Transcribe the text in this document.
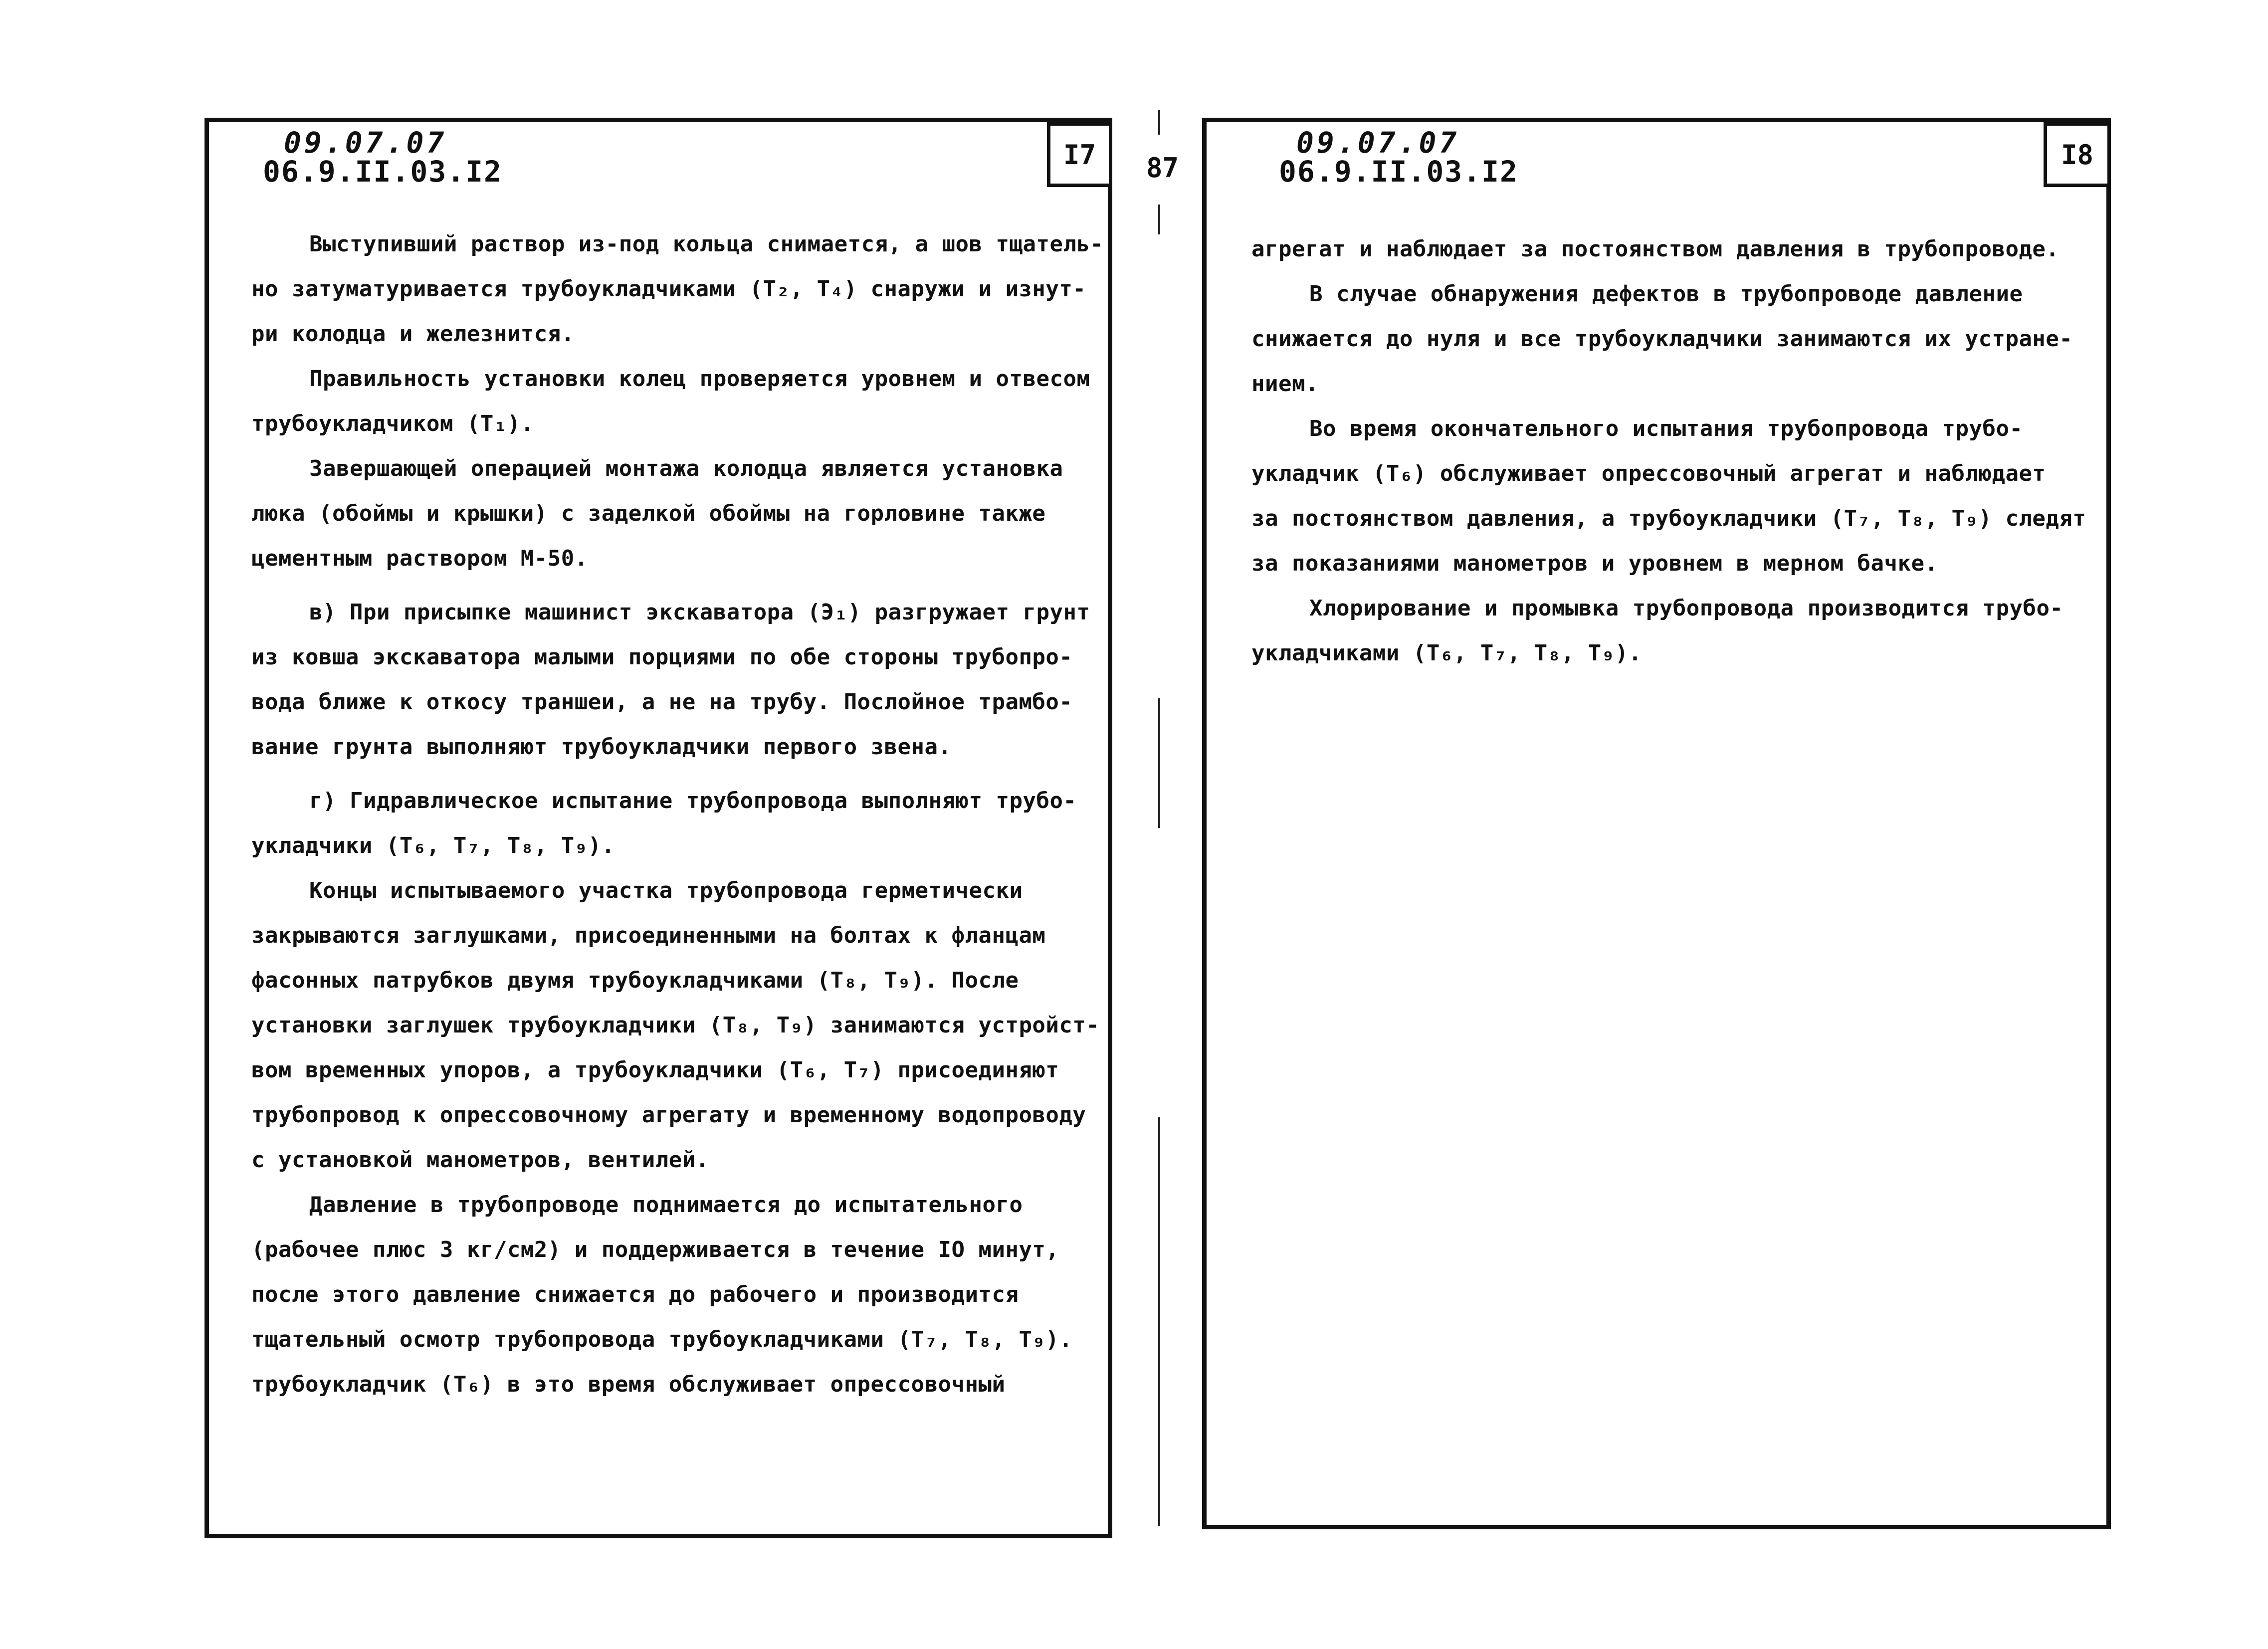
09.07.07
06.9.II.03.I2	I7
Выступивший раствор из-под кольца снимается, а шов тщатель-
но затуматуривается трубоукладчиками (Т₂, Т₄) снаружи и изнут-
ри колодца и железнится.
Правильность установки колец проверяется уровнем и отвесом
трубоукладчиком (Т₁).
Завершающей операцией монтажа колодца является установка
люка (обоймы и крышки) с заделкой обоймы на горловине также
цементным раствором М-50.
в) При присыпке машинист экскаватора (Э₁) разгружает грунт
из ковша экскаватора малыми порциями по обе стороны трубопро-
вода ближе к откосу траншеи, а не на трубу. Послойное трамбо-
вание грунта выполняют трубоукладчики первого звена.
г) Гидравлическое испытание трубопровода выполняют трубо-
укладчики (Т₆, Т₇, Т₈, Т₉).
Концы испытываемого участка трубопровода герметически
закрываются заглушками, присоединенными на болтах к фланцам
фасонных патрубков двумя трубоукладчиками (Т₈, Т₉). После
установки заглушек трубоукладчики (Т₈, Т₉) занимаются устройст-
вом временных упоров, а трубоукладчики (Т₆, Т₇) присоединяют
трубопровод к опрессовочному агрегату и временному водопроводу
с установкой манометров, вентилей.
Давление в трубопроводе поднимается до испытательного
(рабочее плюс 3 кг/см2) и поддерживается в течение IO минут,
после этого давление снижается до рабочего и производится
тщательный осмотр трубопровода трубоукладчиками (Т₇, Т₈, Т₉).
трубоукладчик (Т₆) в это время обслуживает опрессовочный
87
09.07.07
06.9.II.03.I2	I8
агрегат и наблюдает за постоянством давления в трубопроводе.
В случае обнаружения дефектов в трубопроводе давление
снижается до нуля и все трубоукладчики занимаются их устране-
нием.
Во время окончательного испытания трубопровода трубо-
укладчик (Т₆) обслуживает опрессовочный агрегат и наблюдает
за постоянством давления, а трубоукладчики (Т₇, Т₈, Т₉) следят
за показаниями манометров и уровнем в мерном бачке.
Хлорирование и промывка трубопровода производится трубо-
укладчиками (Т₆, Т₇, Т₈, Т₉).
